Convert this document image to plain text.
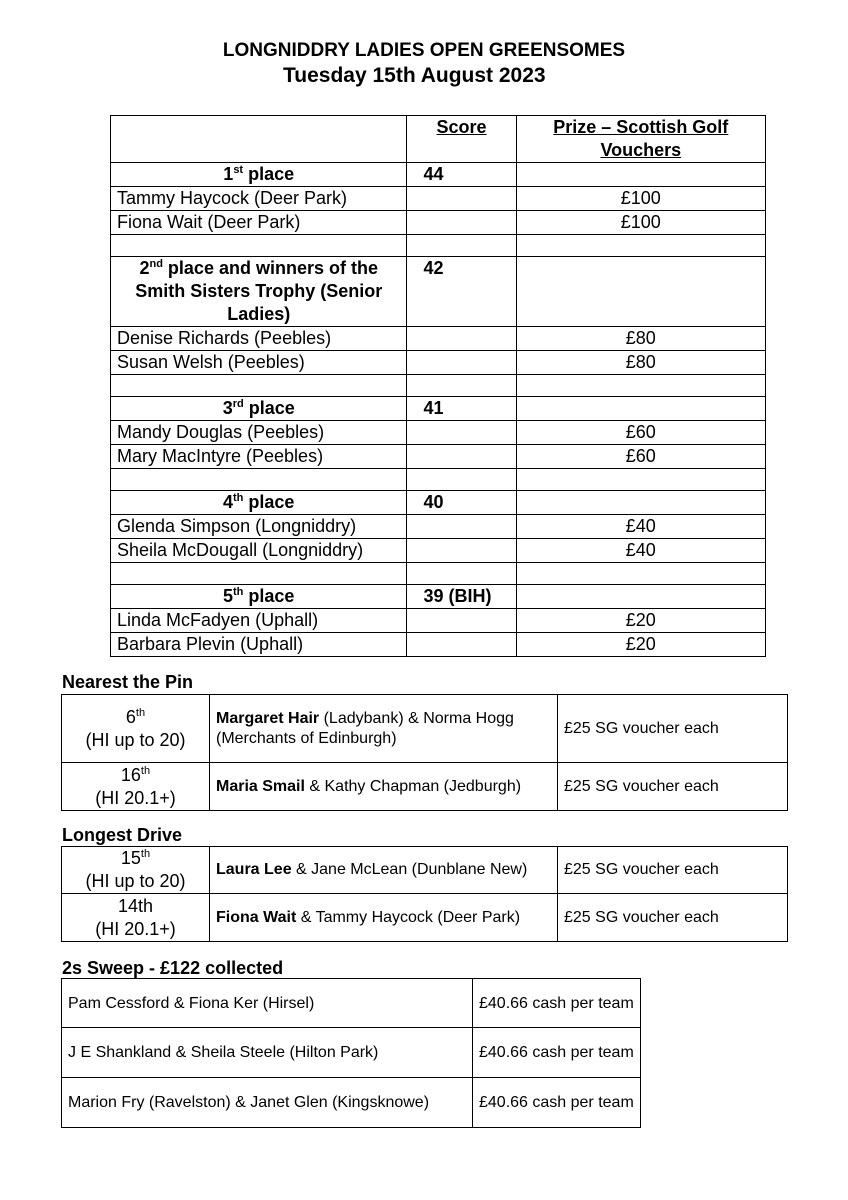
LONGNIDDRY LADIES OPEN GREENSOMES
Tuesday 15th August 2023
	Score	Prize – Scottish Golf Vouchers
1st place	44	
Tammy Haycock (Deer Park)		£100
Fiona Wait (Deer Park)		£100

2nd place and winners of the Smith Sisters Trophy (Senior Ladies)	42	
Denise Richards (Peebles)		£80
Susan Welsh (Peebles)		£80

3rd place	41	
Mandy Douglas (Peebles)		£60
Mary MacIntyre (Peebles)		£60

4th place	40	
Glenda Simpson (Longniddry)		£40
Sheila McDougall (Longniddry)		£40

5th place	39 (BIH)	
Linda McFadyen (Uphall)		£20
Barbara Plevin (Uphall)		£20
Nearest the Pin
6th
(HI up to 20)	Margaret Hair (Ladybank) & Norma Hogg (Merchants of Edinburgh)	£25 SG voucher each
16th
(HI 20.1+)	Maria Smail & Kathy Chapman (Jedburgh)	£25 SG voucher each
Longest Drive
15th
(HI up to 20)	Laura Lee & Jane McLean (Dunblane New)	£25 SG voucher each
14th
(HI 20.1+)	Fiona Wait & Tammy Haycock (Deer Park)	£25 SG voucher each
2s Sweep - £122 collected
Pam Cessford & Fiona Ker (Hirsel)	£40.66 cash per team
J E Shankland & Sheila Steele (Hilton Park)	£40.66 cash per team
Marion Fry (Ravelston) & Janet Glen (Kingsknowe)	£40.66 cash per team
